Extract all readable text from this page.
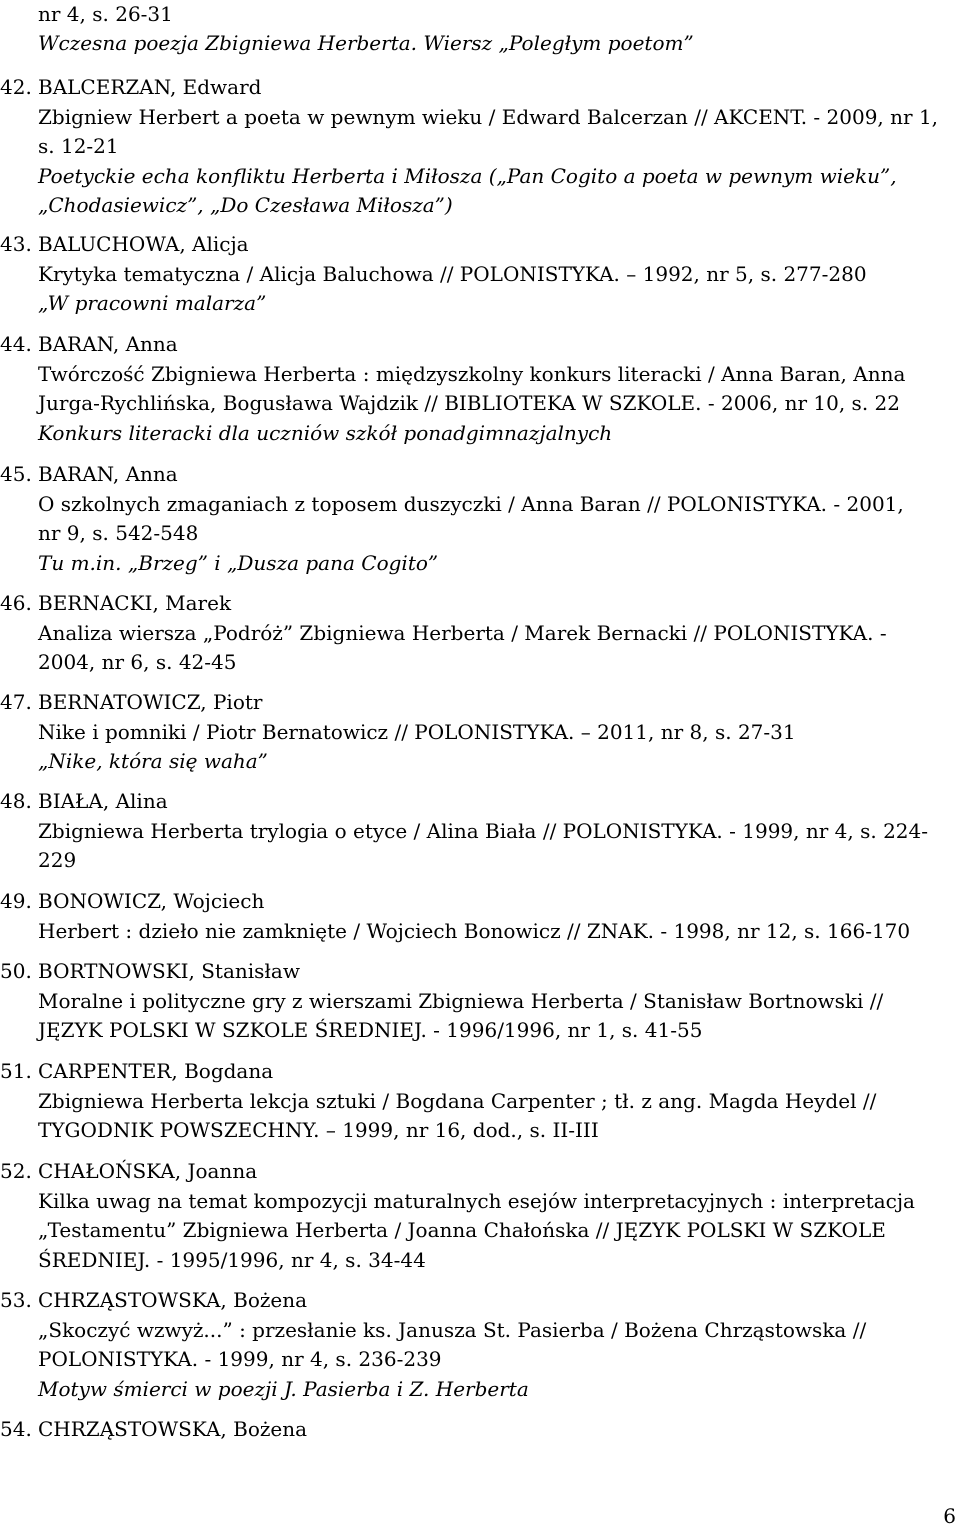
nr 4, s. 26-31
Wczesna poezja Zbigniewa Herberta. Wiersz „Poległym poetom”
42. BALCERZAN, Edward
Zbigniew Herbert a poeta w pewnym wieku / Edward Balcerzan // AKCENT. - 2009, nr 1,
s. 12-21
Poetyckie echa konfliktu Herberta i Miłosza („Pan Cogito a poeta w pewnym wieku”,
„Chodasiewicz”, „Do Czesława Miłosza”)
43. BALUCHOWA, Alicja
Krytyka tematyczna / Alicja Baluchowa // POLONISTYKA. – 1992, nr 5, s. 277-280
„W pracowni malarza”
44. BARAN, Anna
Twórczość Zbigniewa Herberta : międzyszkolny konkurs literacki / Anna Baran, Anna
Jurga-Rychlińska, Bogusława Wajdzik // BIBLIOTEKA W SZKOLE. - 2006, nr 10, s. 22
Konkurs literacki dla uczniów szkół ponadgimnazjalnych
45. BARAN, Anna
O szkolnych zmaganiach z toposem duszyczki / Anna Baran // POLONISTYKA. - 2001,
nr 9, s. 542-548
Tu m.in. „Brzeg” i „Dusza pana Cogito”
46. BERNACKI, Marek
Analiza wiersza „Podróż” Zbigniewa Herberta / Marek Bernacki // POLONISTYKA. -
2004, nr 6, s. 42-45
47. BERNATOWICZ, Piotr
Nike i pomniki / Piotr Bernatowicz // POLONISTYKA. – 2011, nr 8, s. 27-31
„Nike, która się waha”
48. BIAŁA, Alina
Zbigniewa Herberta trylogia o etyce / Alina Biała // POLONISTYKA. - 1999, nr 4, s. 224-
229
49. BONOWICZ, Wojciech
Herbert : dzieło nie zamknięte / Wojciech Bonowicz // ZNAK. - 1998, nr 12, s. 166-170
50. BORTNOWSKI, Stanisław
Moralne i polityczne gry z wierszami Zbigniewa Herberta / Stanisław Bortnowski //
JĘZYK POLSKI W SZKOLE ŚREDNIEJ. - 1996/1996, nr 1, s. 41-55
51. CARPENTER, Bogdana
Zbigniewa Herberta lekcja sztuki / Bogdana Carpenter ; tł. z ang. Magda Heydel //
TYGODNIK POWSZECHNY. – 1999, nr 16, dod., s. II-III
52. CHAŁOŃSKA, Joanna
Kilka uwag na temat kompozycji maturalnych esejów interpretacyjnych : interpretacja
„Testamentu” Zbigniewa Herberta / Joanna Chałońska // JĘZYK POLSKI W SZKOLE
ŚREDNIEJ. - 1995/1996, nr 4, s. 34-44
53. CHRZĄSTOWSKA, Bożena
„Skoczyć wzwyż...” : przesłanie ks. Janusza St. Pasierba / Bożena Chrząstowska //
POLONISTYKA. - 1999, nr 4, s. 236-239
Motyw śmierci w poezji J. Pasierba i Z. Herberta
54. CHRZĄSTOWSKA, Bożena
6
